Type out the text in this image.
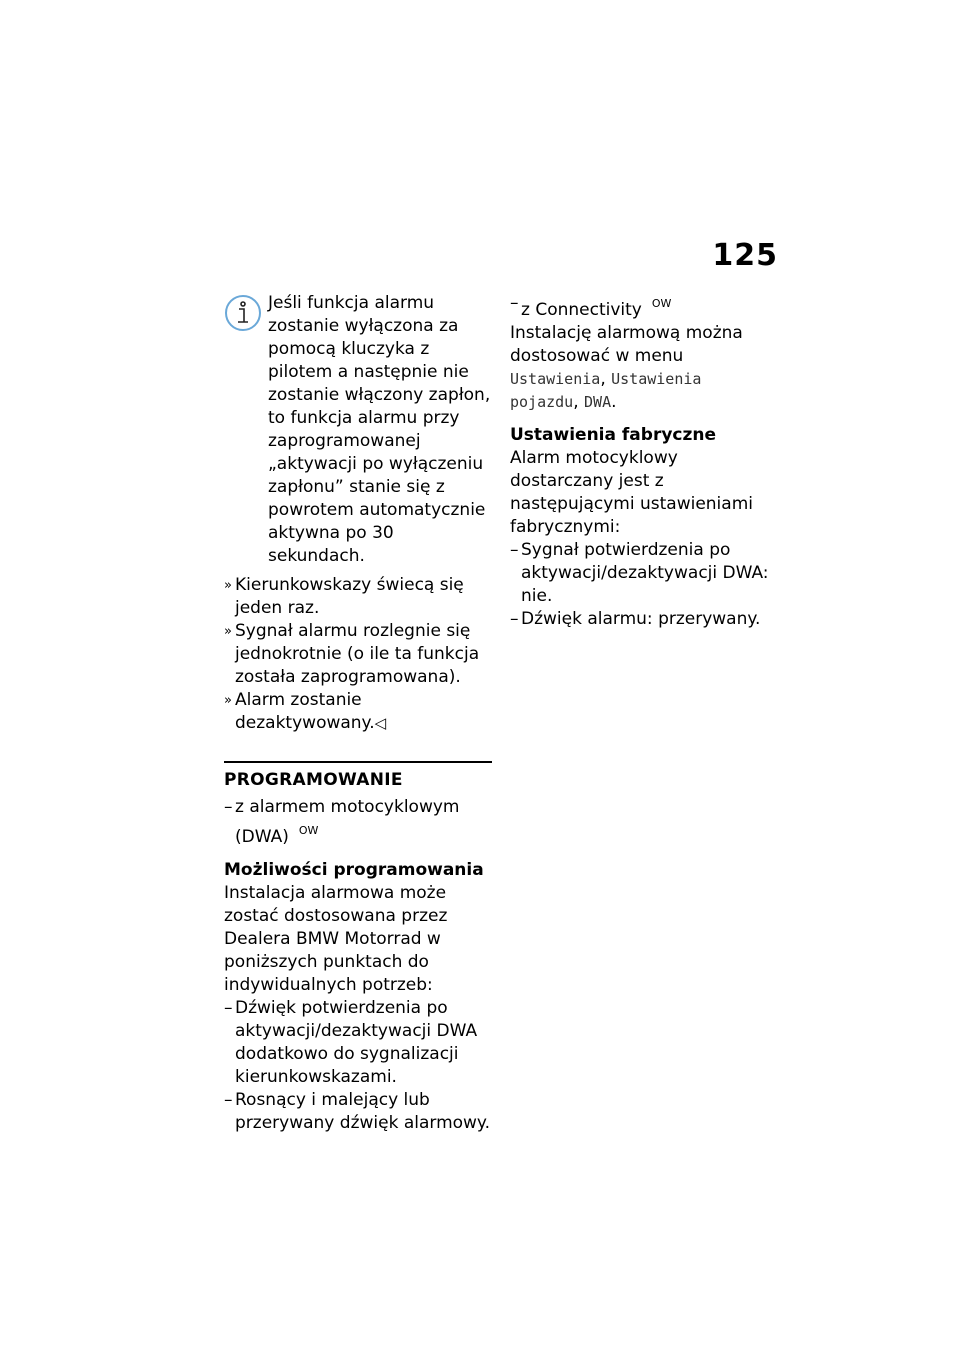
125

Jeśli funkcja alarmu zostanie wyłączona za pomocą kluczyka z pilotem a następnie nie zostanie włączony zapłon, to funkcja alarmu przy zaprogramowanej „aktywacji po wyłączeniu zapłonu” stanie się z powrotem automatycznie aktywna po 30 sekundach.

» Kierunkowskazy świecą się jeden raz.
» Sygnał alarmu rozlegnie się jednokrotnie (o ile ta funkcja została zaprogramowana).
» Alarm zostanie dezaktywowany.◁
PROGRAMOWANIE
– z alarmem motocyklowym (DWA) $^{OW}$
Możliwości programowania

Instalacja alarmowa może zostać dostosowana przez Dealera BMW Motorrad w poniższych punktach do indywidualnych potrzeb:

– Dźwięk potwierdzenia po aktywacji/dezaktywacji DWA dodatkowo do sygnalizacji kierunkowskazami.
– Rosnący i malejący lub przerywany dźwięk alarmowy.
– z Connectivity $^{OW}$

Instalację alarmową można dostosować w menu Ustawienia, Ustawienia pojazdu, DWA.

Ustawienia fabryczne

Alarm motocyklowy dostarczany jest z następującymi ustawieniami fabrycznymi:

– Sygnał potwierdzenia po aktywacji/dezaktywacji DWA: nie.
– Dźwięk alarmu: przerywany.
